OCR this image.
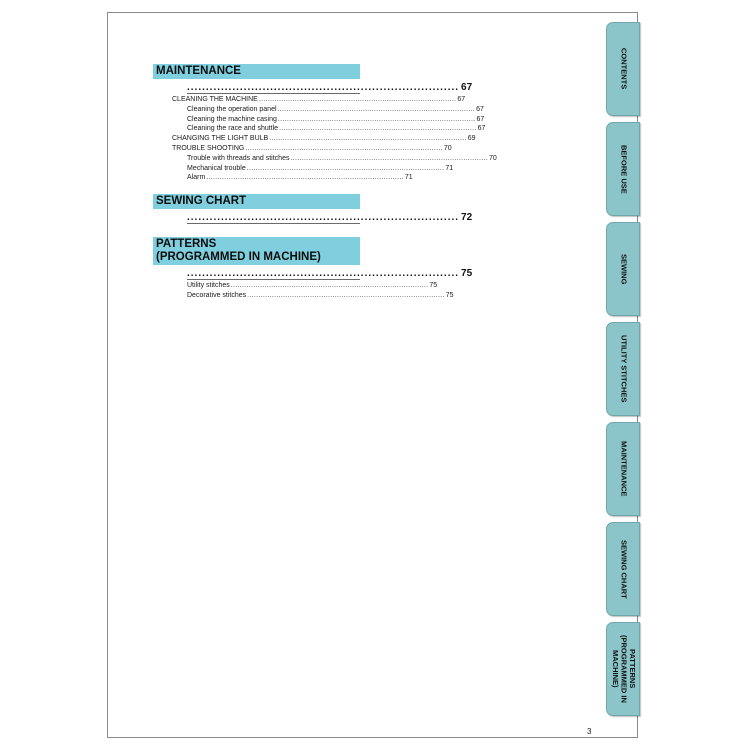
MAINTENANCE
........................................................................ 67
CLEANING THE MACHINE ........................................................................................ 67
Cleaning the operation panel ........................................................................................ 67
Cleaning the machine casing ........................................................................................ 67
Cleaning the race and shuttle ........................................................................................ 67
CHANGING THE LIGHT BULB ........................................................................................ 69
TROUBLE SHOOTING ........................................................................................ 70
Trouble with threads and stitches ........................................................................................ 70
Mechanical trouble ........................................................................................ 71
Alarm ........................................................................................ 71
SEWING CHART
........................................................................ 72
PATTERNS
(PROGRAMMED IN MACHINE)
........................................................................ 75
Utility stitches ........................................................................................ 75
Decorative stitches ........................................................................................ 75
CONTENTS
BEFORE USE
SEWING
UTILITY STITCHES
MAINTENANCE
SEWING CHART
PATTERNS
(PROGRAMMED IN
MACHINE)
3
